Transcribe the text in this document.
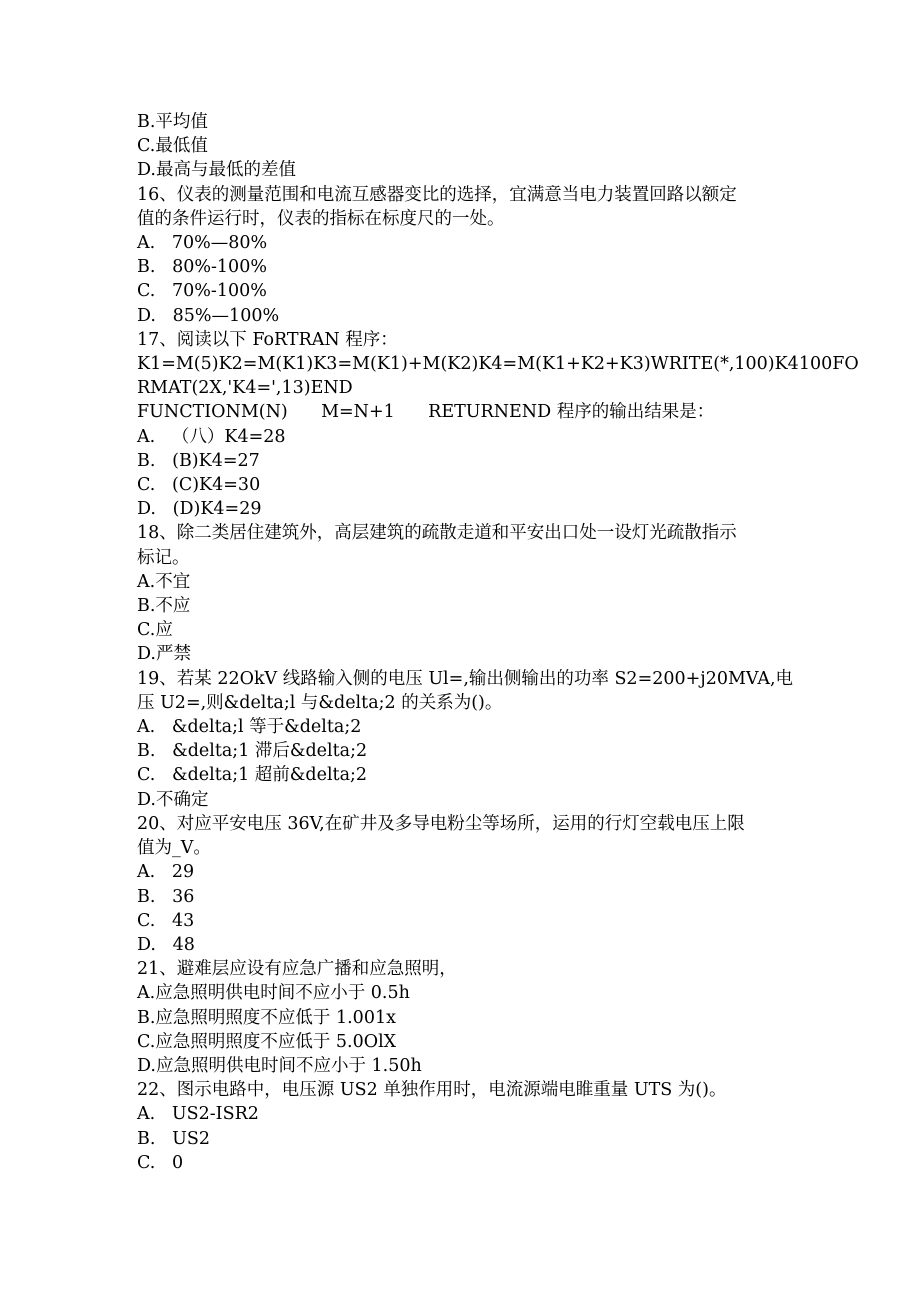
B.平均值
C.最低值
D.最高与最低的差值
16、仪表的测量范围和电流互感器变比的选择，宜满意当电力装置回路以额定
值的条件运行时，仪表的指标在标度尺的一处。
A.   70%—80%
B.   80%-100%
C.   70%-100%
D.   85%—100%
17、阅读以下 FoRTRAN 程序：
K1=M(5)K2=M(K1)K3=M(K1)+M(K2)K4=M(K1+K2+K3)WRITE(*,100)K4100FO
RMAT(2X,'K4=',13)END
FUNCTIONM(N)      M=N+1      RETURNEND 程序的输出结果是：
A.   （八）K4=28
B.   (B)K4=27
C.   (C)K4=30
D.   (D)K4=29
18、除二类居住建筑外，高层建筑的疏散走道和平安出口处一设灯光疏散指示
标记。
A.不宜
B.不应
C.应
D.严禁
19、若某 22OkV 线路输入侧的电压 Ul=,输出侧输出的功率 S2=200+j20MVA,电
压 U2=,则&delta;l 与&delta;2 的关系为()。
A.   &delta;l 等于&delta;2
B.   &delta;1 滞后&delta;2
C.   &delta;1 超前&delta;2
D.不确定
20、对应平安电压 36V,在矿井及多导电粉尘等场所，运用的行灯空载电压上限
值为_V。
A.   29
B.   36
C.   43
D.   48
21、避难层应设有应急广播和应急照明，
A.应急照明供电时间不应小于 0.5h
B.应急照明照度不应低于 1.001x
C.应急照明照度不应低于 5.0OlX
D.应急照明供电时间不应小于 1.50h
22、图示电路中，电压源 US2 单独作用时，电流源端电睢重量 UTS 为()。
A.   US2-ISR2
B.   US2
C.   0
